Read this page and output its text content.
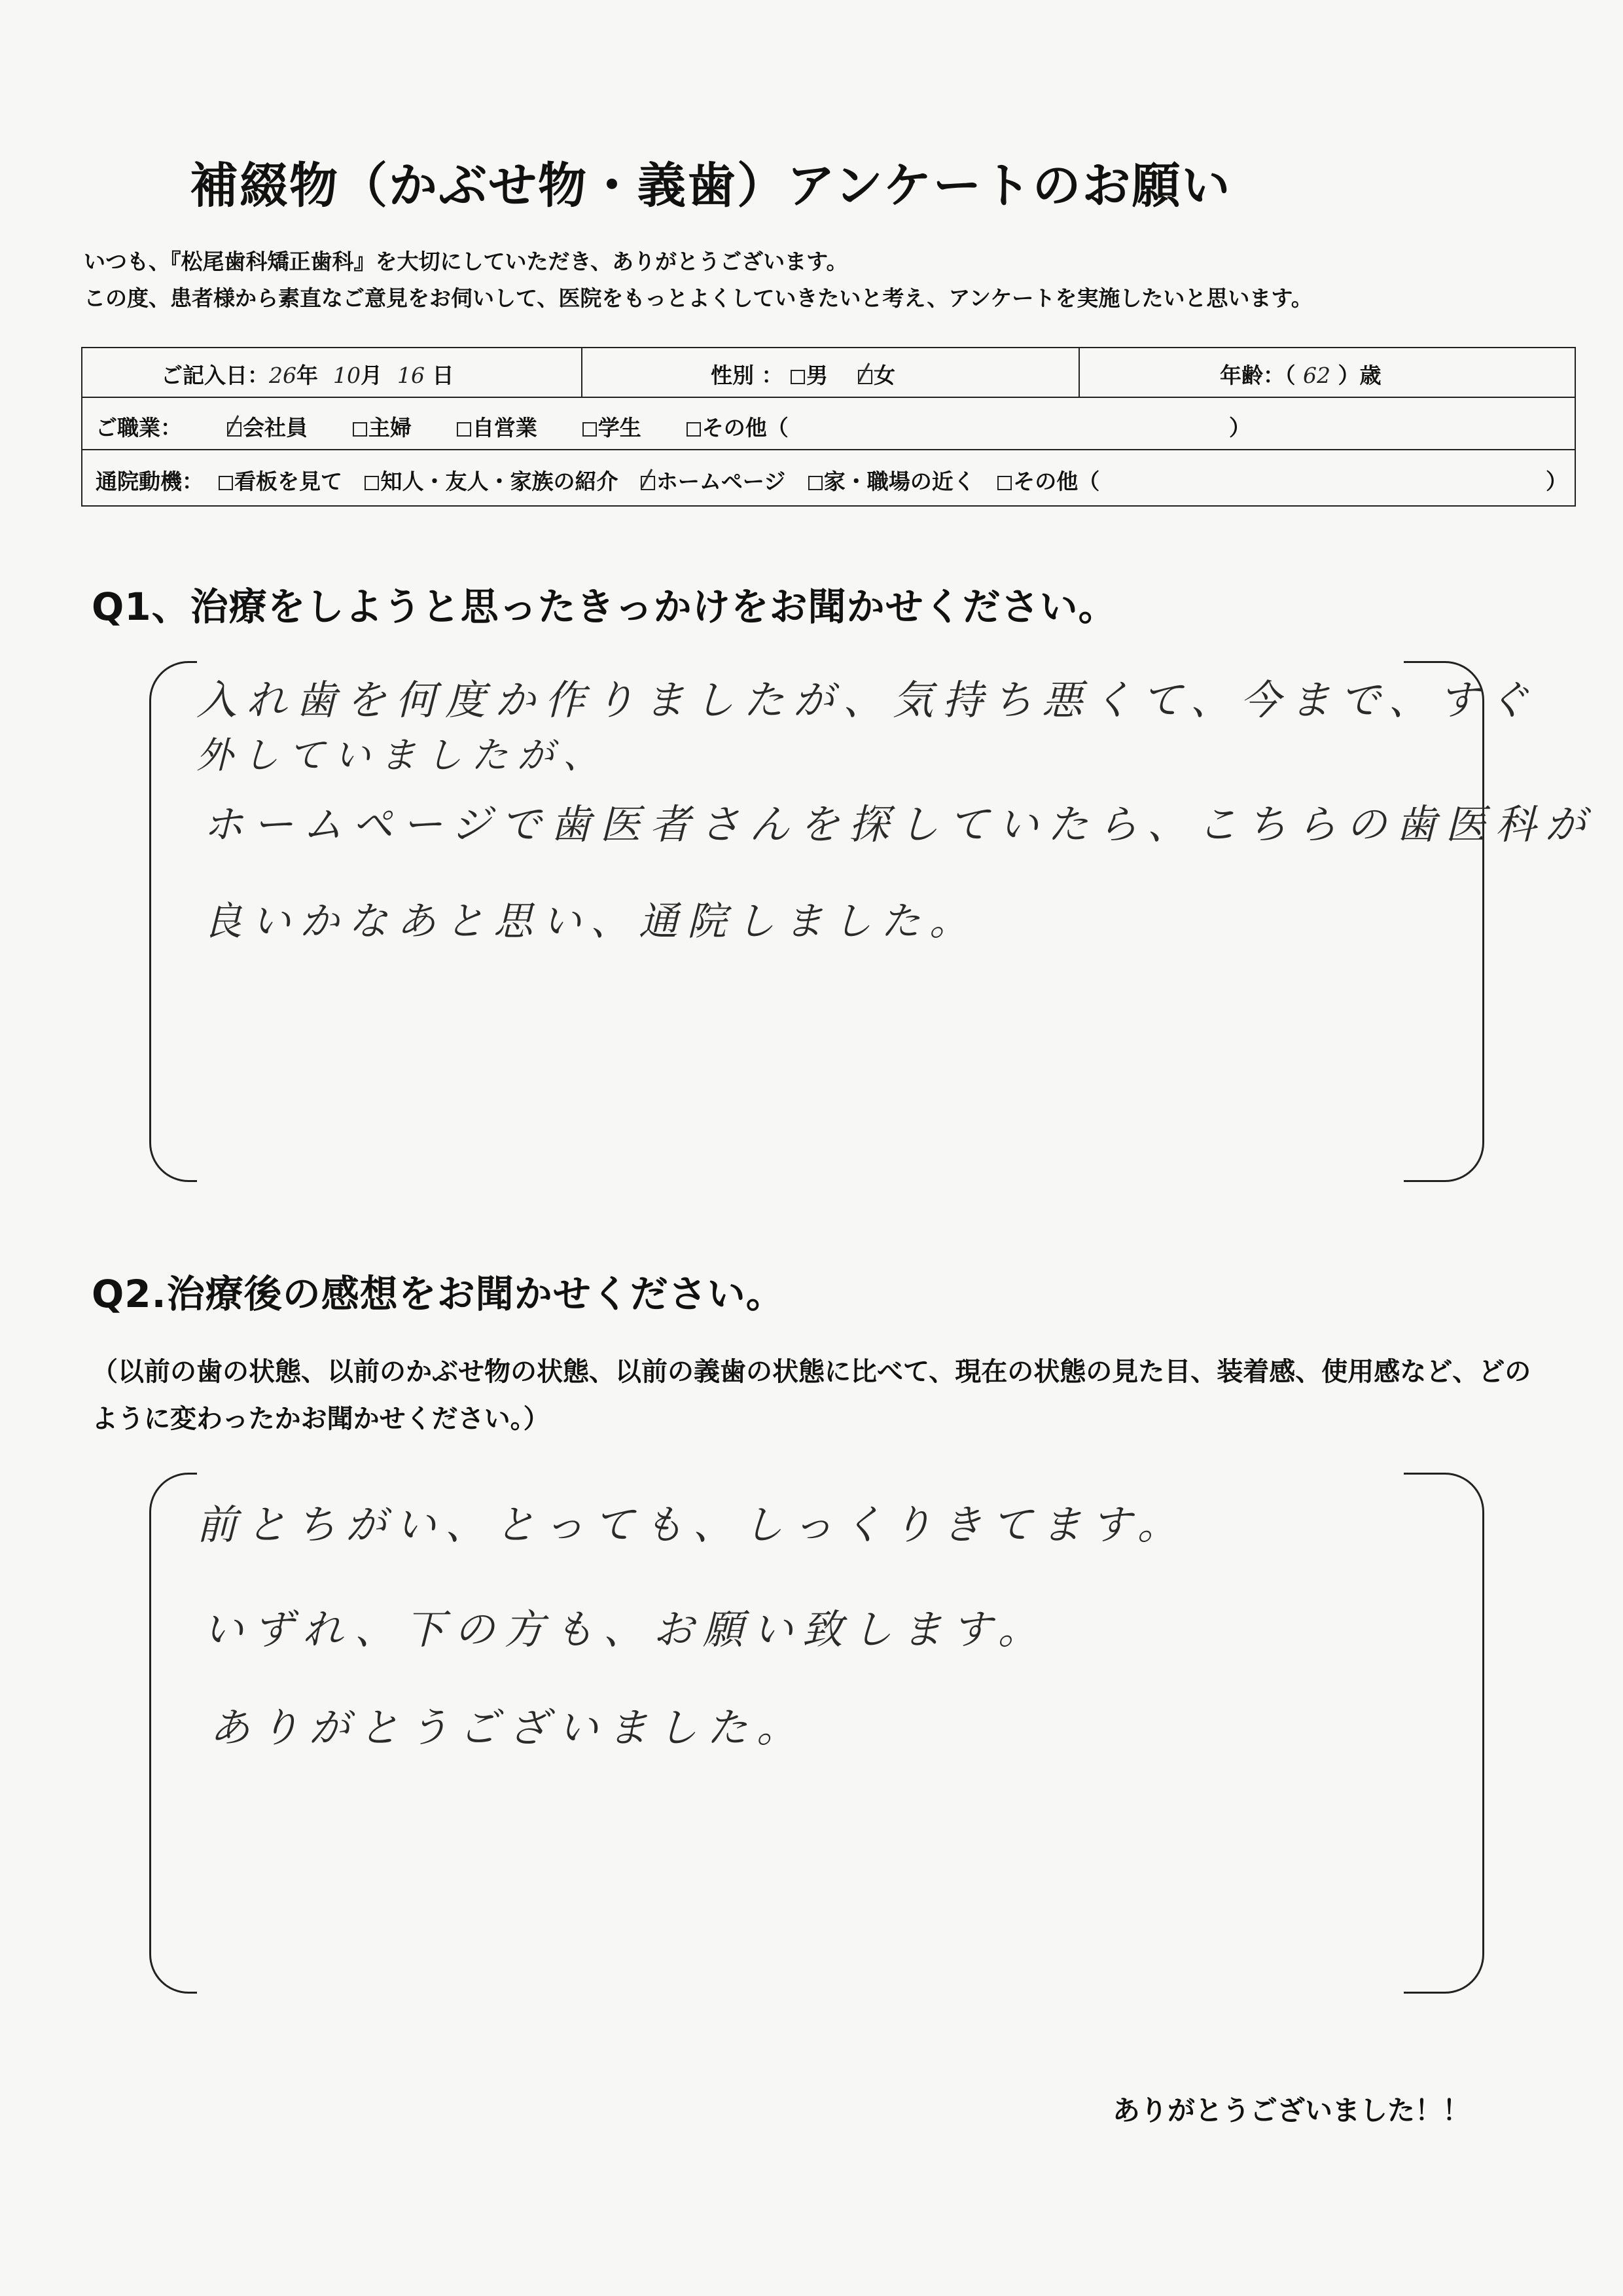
補綴物（かぶせ物・義歯）アンケートのお願い
いつも、『松尾歯科矯正歯科』を大切にしていただき、ありがとうございます。
この度、患者様から素直なご意見をお伺いして、医院をもっとよくしていきたいと考え、アンケートを実施したいと思います。
ご記入日：26年 10月 16 日	性別 ： 男 女	年齢：（ 62 ）歳
ご職業：	会社員	主婦	自営業	学生	その他（	）
通院動機： 看板を見て 知人・友人・家族の紹介 ホームページ 家・職場の近く その他（	）
Q1、治療をしようと思ったきっかけをお聞かせください。
入れ歯を何度か作りましたが、気持ち悪くて、今まで、すぐ
外していましたが、
ホームページで歯医者さんを探していたら、こちらの歯医科が
良いかなあと思い、通院しました。
Q2.治療後の感想をお聞かせください。
（以前の歯の状態、以前のかぶせ物の状態、以前の義歯の状態に比べて、現在の状態の見た目、装着感、使用感など、どのように変わったかお聞かせください。）
前とちがい、とっても、しっくりきてます。
いずれ、下の方も、お願い致します。
ありがとうございました。
ありがとうございました！！
